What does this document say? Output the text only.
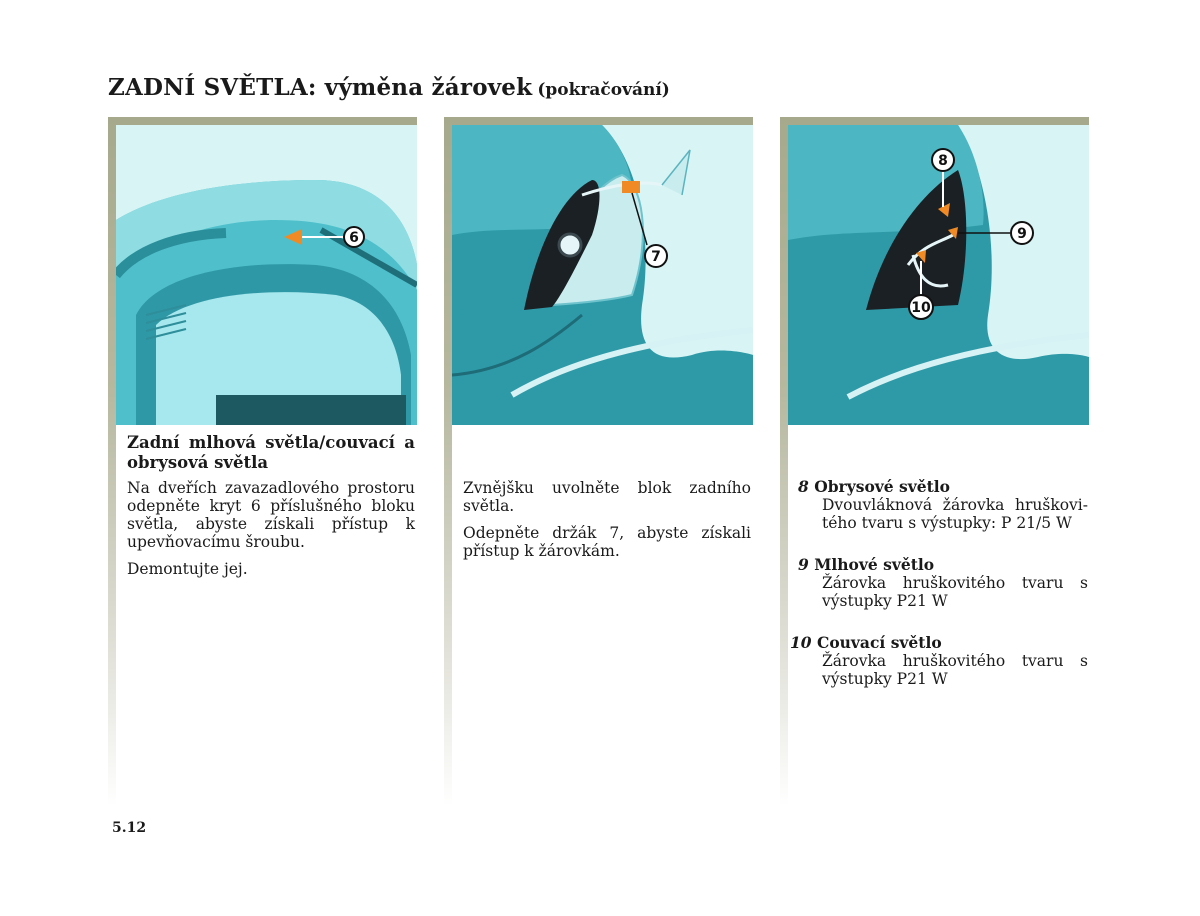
ZADNÍ SVĚTLA: výměna žárovek (pokračování)
6
Zadní mlhová světla/couvací a obrysová světla

Na dveřích zavazadlového prostoru odepněte kryt 6 příslušného bloku světla, abyste získali přístup k upevňovacímu šroubu.

Demontujte jej.

7

Zvnějšku uvolněte blok zadního světla.

Odepněte držák 7, abyste získali přístup k žárovkám.

8
9
10
8 Obrysové světlo
Dvouvláknová žárovka hruškovi-tého tvaru s výstupky: P 21/5 W
9 Mlhové světlo
Žárovka hruškovitého tvaru s výstupky P21 W
10 Couvací světlo
Žárovka hruškovitého tvaru s výstupky P21 W
5.12
